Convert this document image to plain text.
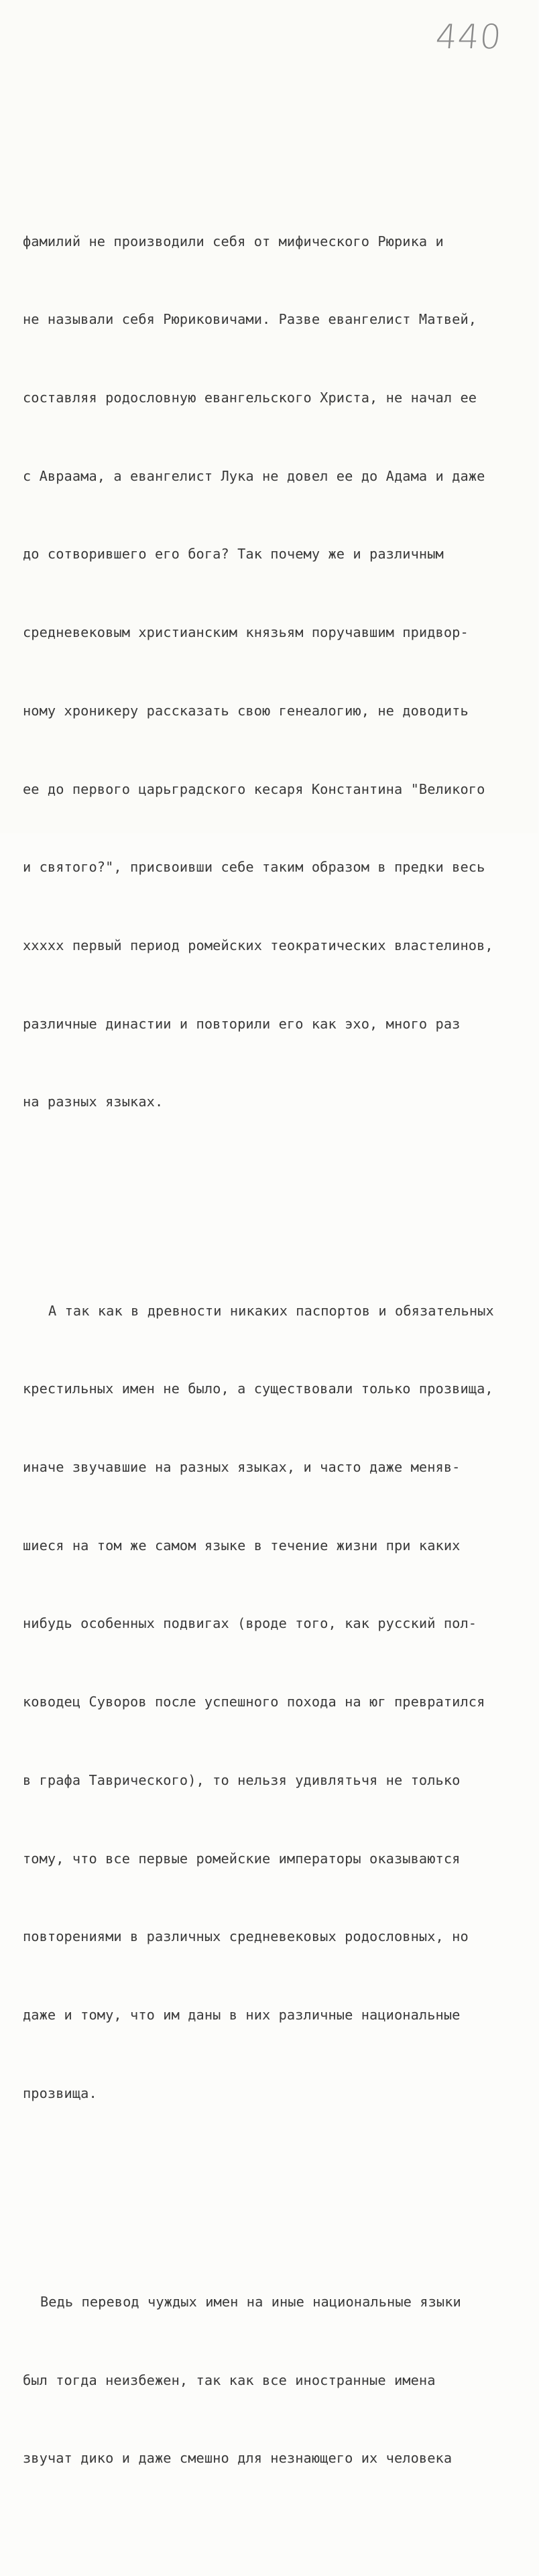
440

фамилий не производили себя от мифического Рюрика и

не называли себя Рюриковичами. Разве евангелист Матвей,

составляя родословную евангельского Христа, не начал ее

с Авраама, а евангелист Лука не довел ее до Адама и даже

до сотворившего его бога? Так почему же и различным

средневековым христианским князьям поручавшим придвор-

ному хроникеру рассказать свою генеалогию, не доводить

ее до первого царьградского кесаря Константина "Великого

и святого?", присвоивши себе таким образом в предки весь

xxxxx первый период ромейских теократических властелинов,

различные династии и повторили его как эхо, много раз

на разных языках.

А так как в древности никаких паспортов и обязательных

крестильных имен не было, а существовали только прозвища,

иначе звучавшие на разных языках, и часто даже меняв-

шиеся на том же самом языке в течение жизни при каких

нибудь особенных подвигах (вроде того, как русский пол-

ководец Суворов после успешного похода на юг превратился

в графа Таврического), то нельзя удивлятьчя не только

тому, что все первые ромейские императоры оказываются

повторениями в различных средневековых родословных, но

даже и тому, что им даны в них различные национальные

прозвища.

Ведь перевод чуждых имен на иные национальные языки

был тогда неизбежен, так как все иностранные имена

звучат дико и даже смешно для незнающего их человека
